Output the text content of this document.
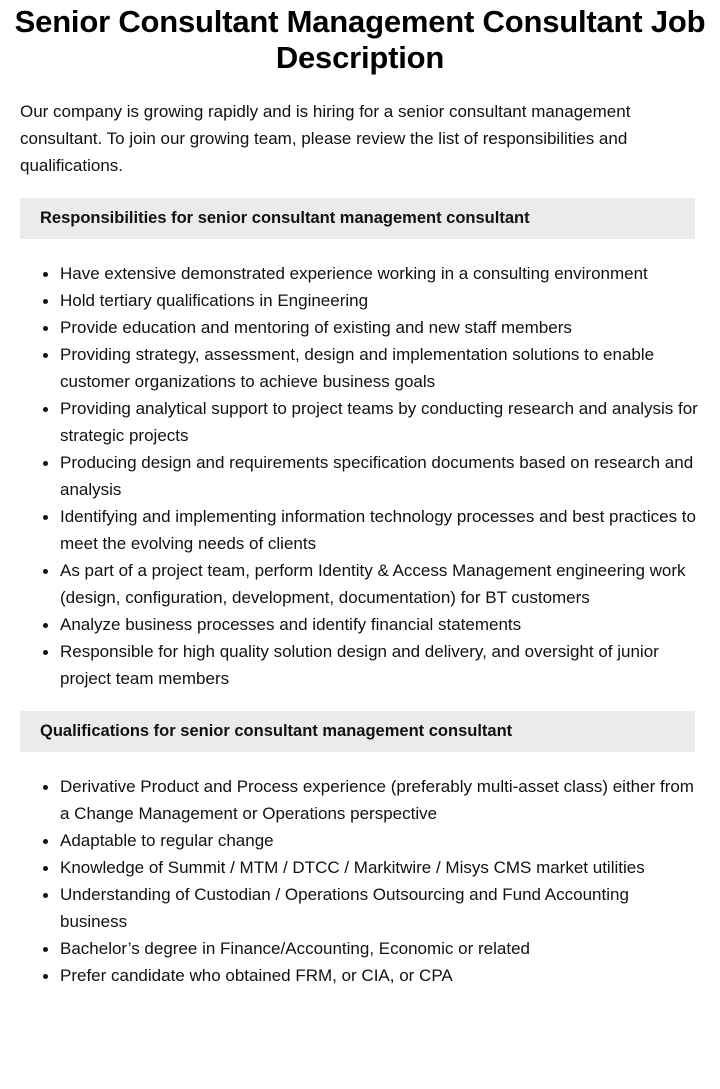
Senior Consultant Management Consultant Job Description

Our company is growing rapidly and is hiring for a senior consultant management consultant. To join our growing team, please review the list of responsibilities and qualifications.

Responsibilities for senior consultant management consultant
Have extensive demonstrated experience working in a consulting environment
Hold tertiary qualifications in Engineering
Provide education and mentoring of existing and new staff members
Providing strategy, assessment, design and implementation solutions to enable customer organizations to achieve business goals
Providing analytical support to project teams by conducting research and analysis for strategic projects
Producing design and requirements specification documents based on research and analysis
Identifying and implementing information technology processes and best practices to meet the evolving needs of clients
As part of a project team, perform Identity & Access Management engineering work (design, configuration, development, documentation) for BT customers
Analyze business processes and identify financial statements
Responsible for high quality solution design and delivery, and oversight of junior project team members
Qualifications for senior consultant management consultant
Derivative Product and Process experience (preferably multi-asset class) either from a Change Management or Operations perspective
Adaptable to regular change
Knowledge of Summit / MTM / DTCC / Markitwire / Misys CMS market utilities
Understanding of Custodian / Operations Outsourcing and Fund Accounting business
Bachelor’s degree in Finance/Accounting, Economic or related
Prefer candidate who obtained FRM, or CIA, or CPA
